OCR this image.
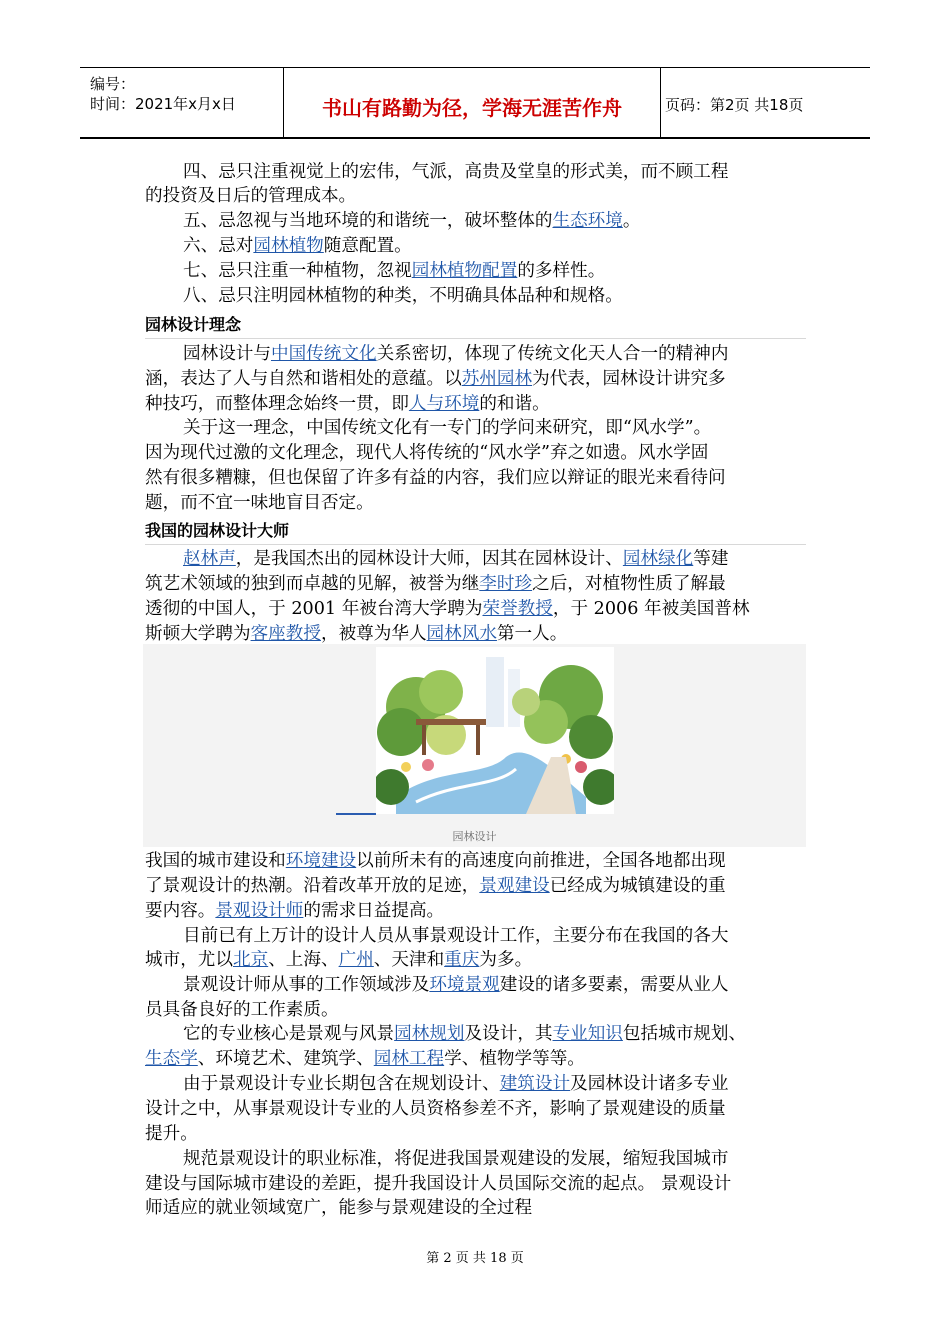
编号：
时间：2021年x月x日	书山有路勤为径，学海无涯苦作舟	页码：第2页 共18页
四、忌只注重视觉上的宏伟，气派，高贵及堂皇的形式美，而不顾工程
的投资及日后的管理成本。
五、忌忽视与当地环境的和谐统一，破坏整体的生态环境。
六、忌对园林植物随意配置。
七、忌只注重一种植物，忽视园林植物配置的多样性。
八、忌只注明园林植物的种类，不明确具体品种和规格。
园林设计理念
园林设计与中国传统文化关系密切，体现了传统文化天人合一的精神内
涵，表达了人与自然和谐相处的意蕴。以苏州园林为代表，园林设计讲究多
种技巧，而整体理念始终一贯，即人与环境的和谐。
关于这一理念，中国传统文化有一专门的学问来研究，即“风水学”。
因为现代过激的文化理念，现代人将传统的“风水学”弃之如遗。风水学固
然有很多糟糠，但也保留了许多有益的内容，我们应以辩证的眼光来看待问
题，而不宜一味地盲目否定。
我国的园林设计大师
赵林声，是我国杰出的园林设计大师，因其在园林设计、园林绿化等建
筑艺术领域的独到而卓越的见解，被誉为继李时珍之后，对植物性质了解最
透彻的中国人，于 2001 年被台湾大学聘为荣誉教授，于 2006 年被美国普林
斯顿大学聘为客座教授，被尊为华人园林风水第一人。
园林设计
我国的城市建设和环境建设以前所未有的高速度向前推进，全国各地都出现
了景观设计的热潮。沿着改革开放的足迹，景观建设已经成为城镇建设的重
要内容。景观设计师的需求日益提高。
目前已有上万计的设计人员从事景观设计工作，主要分布在我国的各大
城市，尤以北京、上海、广州、天津和重庆为多。
景观设计师从事的工作领域涉及环境景观建设的诸多要素，需要从业人
员具备良好的工作素质。
它的专业核心是景观与风景园林规划及设计，其专业知识包括城市规划、
生态学、环境艺术、建筑学、园林工程学、植物学等等。
由于景观设计专业长期包含在规划设计、建筑设计及园林设计诸多专业
设计之中，从事景观设计专业的人员资格参差不齐，影响了景观建设的质量
提升。
规范景观设计的职业标准，将促进我国景观建设的发展，缩短我国城市
建设与国际城市建设的差距，提升我国设计人员国际交流的起点。 景观设计
师适应的就业领域宽广，能参与景观建设的全过程
第 2 页 共 18 页
